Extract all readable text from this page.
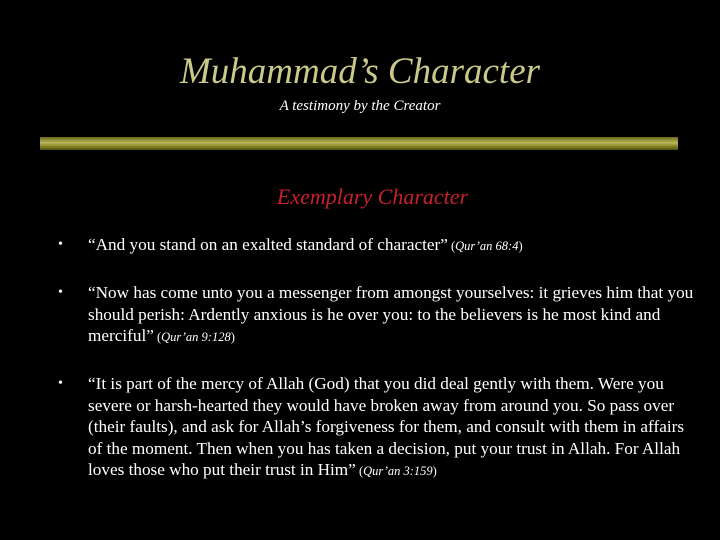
Muhammad’s Character
A testimony by the Creator
Exemplary Character
•	“And you stand on an exalted standard of character” (Qur’an 68:4)
•	“Now has come unto you a messenger from amongst yourselves: it grieves him that you should perish: Ardently anxious is he over you: to the believers is he most kind and merciful” (Qur’an 9:128)
•	“It is part of the mercy of Allah (God) that you did deal gently with them. Were you severe or harsh-hearted they would have broken away from around you. So pass over (their faults), and ask for Allah’s forgiveness for them, and consult with them in affairs of the moment. Then when you has taken a decision, put your trust in Allah. For Allah loves those who put their trust in Him” (Qur’an 3:159)
